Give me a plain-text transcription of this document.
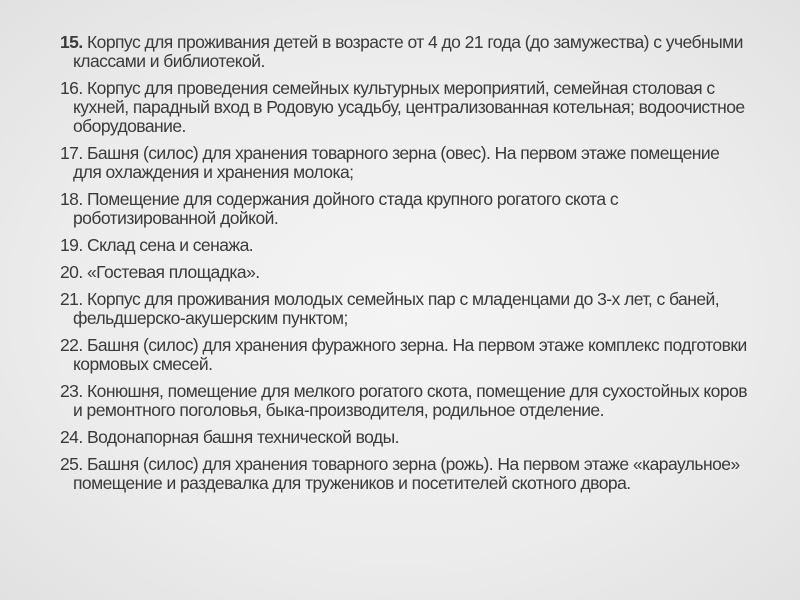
15. Корпус для проживания детей в возрасте от 4 до 21 года (до замужества) с учебными классами и библиотекой.
16. Корпус для проведения семейных культурных мероприятий, семейная столовая с кухней, парадный вход в Родовую усадьбу, централизованная котельная; водоочистное оборудование.
17. Башня (силос) для хранения товарного зерна (овес). На первом этаже помещение для охлаждения и хранения молока;
18. Помещение для содержания дойного стада крупного рогатого скота с роботизированной дойкой.
19. Склад сена и сенажа.
20. «Гостевая площадка».
21. Корпус для проживания молодых семейных пар с младенцами до 3-х лет, с баней, фельдшерско-акушерским пунктом;
22. Башня (силос) для хранения фуражного зерна. На первом этаже комплекс подготовки кормовых смесей.
23. Конюшня, помещение для мелкого рогатого скота, помещение для сухостойных коров и ремонтного поголовья, быка-производителя, родильное отделение.
24. Водонапорная башня технической воды.
25. Башня (силос) для хранения товарного зерна (рожь). На первом этаже «караульное» помещение и раздевалка для тружеников и посетителей скотного двора.
